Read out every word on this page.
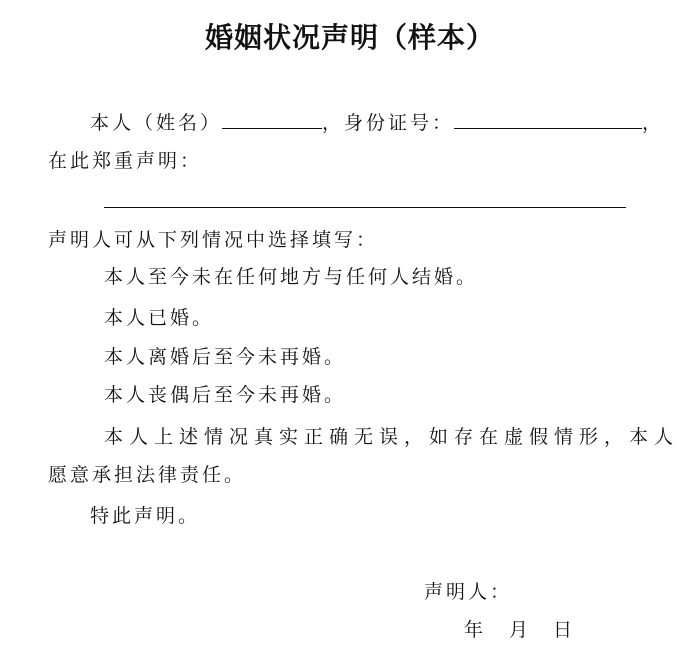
婚姻状况声明（样本）
本人（姓名）	，身份证号：	，
在此郑重声明：
声明人可从下列情况中选择填写：
本人至今未在任何地方与任何人结婚。
本人已婚。
本人离婚后至今未再婚。
本人丧偶后至今未再婚。
本人上述情况真实正确无误，如存在虚假情形，本人
愿意承担法律责任。
特此声明。
声明人：
年 月 日
